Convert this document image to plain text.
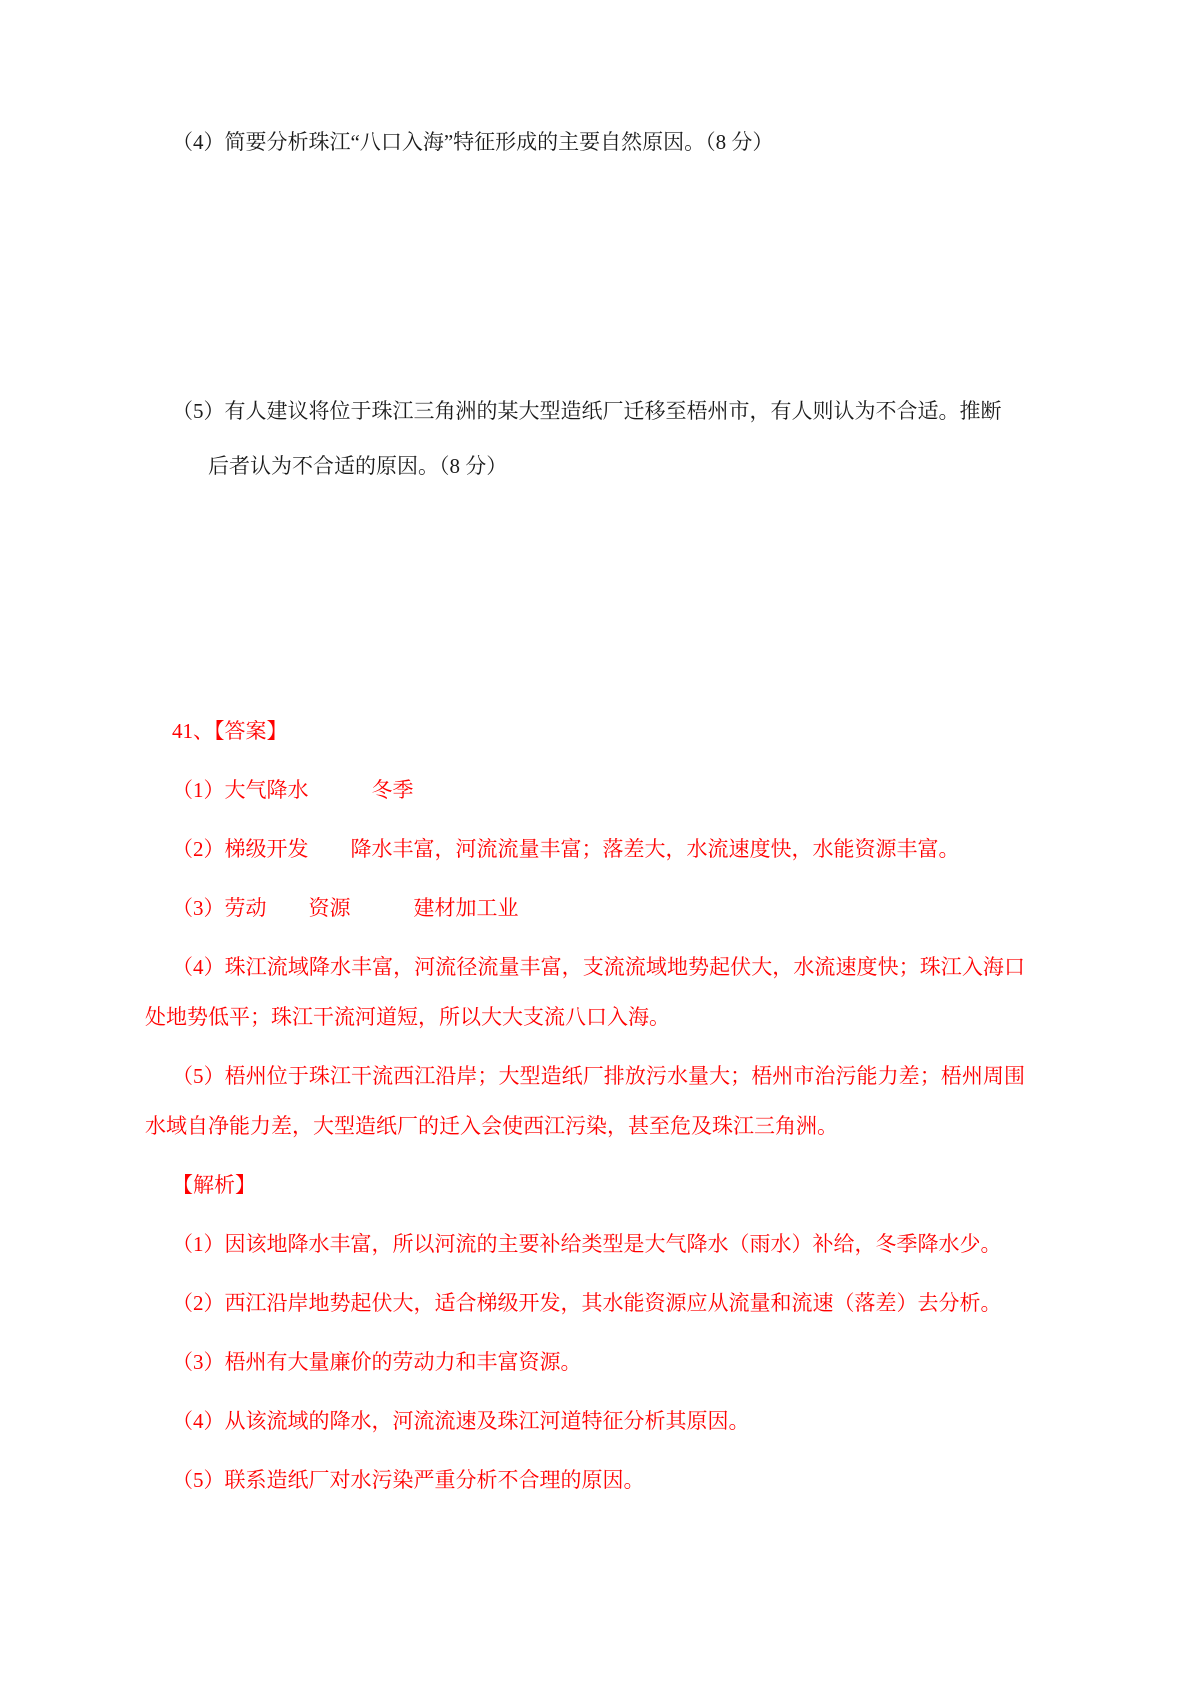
（4）简要分析珠江“八口入海”特征形成的主要自然原因。（8 分）

（5）有人建议将位于珠江三角洲的某大型造纸厂迁移至梧州市，有人则认为不合适。推断

后者认为不合适的原因。（8 分）

41、【答案】

（1）大气降水　　　冬季

（2）梯级开发　　降水丰富，河流流量丰富；落差大，水流速度快，水能资源丰富。

（3）劳动　　资源　　　建材加工业

（4）珠江流域降水丰富，河流径流量丰富，支流流域地势起伏大，水流速度快；珠江入海口处地势低平；珠江干流河道短，所以大大支流八口入海。

（5）梧州位于珠江干流西江沿岸；大型造纸厂排放污水量大；梧州市治污能力差；梧州周围水域自净能力差，大型造纸厂的迁入会使西江污染，甚至危及珠江三角洲。

【解析】

（1）因该地降水丰富，所以河流的主要补给类型是大气降水（雨水）补给，冬季降水少。

（2）西江沿岸地势起伏大，适合梯级开发，其水能资源应从流量和流速（落差）去分析。

（3）梧州有大量廉价的劳动力和丰富资源。

（4）从该流域的降水，河流流速及珠江河道特征分析其原因。

（5）联系造纸厂对水污染严重分析不合理的原因。
